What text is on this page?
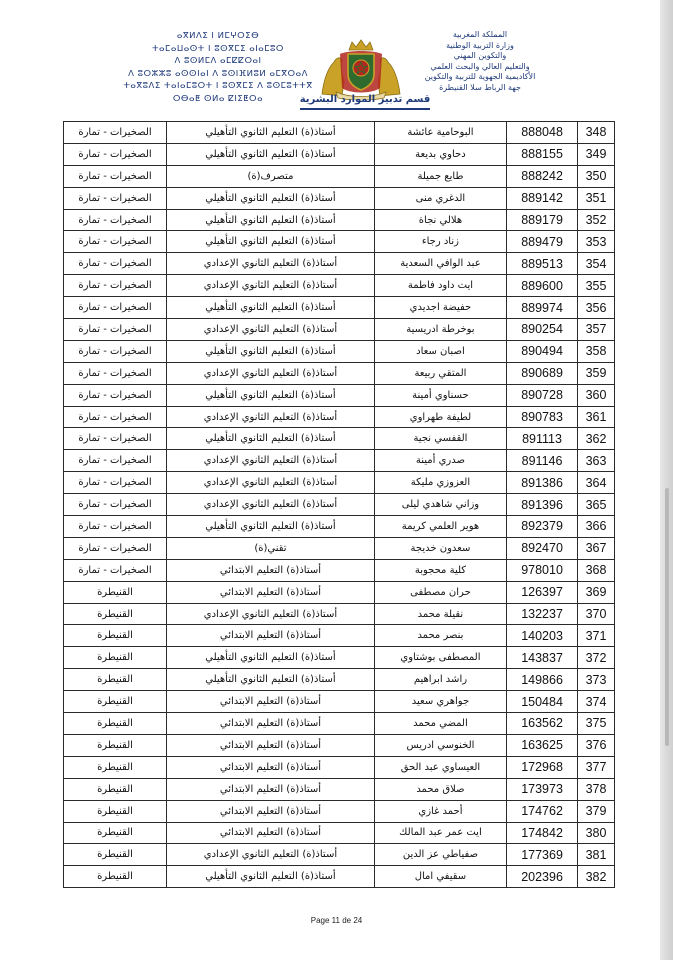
ⴰⴳⵍⴷⵉ ⵏ ⵍⵎⵖⵔⵉⴱ
ⵜⴰⵎⴰⵡⴰⵙⵜ ⵏ ⵓⵙⴳⵎⵉ ⴰⵏⴰⵎⵓⵔ
ⴷ ⵓⵙⵍⵎⴷ ⴰⵎⵇⵇⵔⴰⵏ
ⴷ ⵓⵔⵣⵣⵓ ⴰⵙⵙⵏⴰⵏ ⴷ ⵓⵙⵏⴼⵍⵓⵍ ⴰⵎⴳⵔⴰⴷ
ⵜⴰⴳⵓⴷⵉ ⵜⴰⵏⴰⵎⵓⵔⵜ ⵏ ⵓⵙⴳⵎⵉ ⴷ ⵓⵙⵎⵓⵜⵜⴳ
ⵔⴱⴰⵟ ⵙⵍⴰ ⵇⵏⵉⵟⵔⴰ
المملكة المغربية
وزارة التربية الوطنية
والتكوين المهني
والتعليم العالي والبحث العلمي
الأكاديمية الجهوية للتربية والتكوين
جهة الرباط سلا القنيطرة
قسم تدبير الموارد البشرية
348	888048	البوحامية عائشة	أستاذ(ة) التعليم الثانوي التأهيلي	الصخيرات - تمارة
349	888155	دحاوي بديعة	أستاذ(ة) التعليم الثانوي التأهيلي	الصخيرات - تمارة
350	888242	طايع جميلة	متصرف(ة)	الصخيرات - تمارة
351	889142	الدغري منى	أستاذ(ة) التعليم الثانوي التأهيلي	الصخيرات - تمارة
352	889179	هلالي نجاة	أستاذ(ة) التعليم الثانوي التأهيلي	الصخيرات - تمارة
353	889479	زناد رجاء	أستاذ(ة) التعليم الثانوي التأهيلي	الصخيرات - تمارة
354	889513	عبد الوافي السعدية	أستاذ(ة) التعليم الثانوي الإعدادي	الصخيرات - تمارة
355	889600	ايت داود فاطمة	أستاذ(ة) التعليم الثانوي الإعدادي	الصخيرات - تمارة
356	889974	حفيضة اجديدي	أستاذ(ة) التعليم الثانوي التأهيلي	الصخيرات - تمارة
357	890254	بوخرطة ادريسية	أستاذ(ة) التعليم الثانوي الإعدادي	الصخيرات - تمارة
358	890494	اصبان سعاد	أستاذ(ة) التعليم الثانوي التأهيلي	الصخيرات - تمارة
359	890689	المتقي ربيعة	أستاذ(ة) التعليم الثانوي الإعدادي	الصخيرات - تمارة
360	890728	حسناوي أمينة	أستاذ(ة) التعليم الثانوي التأهيلي	الصخيرات - تمارة
361	890783	لطيفة طهراوي	أستاذ(ة) التعليم الثانوي الإعدادي	الصخيرات - تمارة
362	891113	القفسي نجية	أستاذ(ة) التعليم الثانوي التأهيلي	الصخيرات - تمارة
363	891146	صدري أمينة	أستاذ(ة) التعليم الثانوي الإعدادي	الصخيرات - تمارة
364	891386	العزوزي مليكة	أستاذ(ة) التعليم الثانوي الإعدادي	الصخيرات - تمارة
365	891396	وزاني شاهدي ليلى	أستاذ(ة) التعليم الثانوي الإعدادي	الصخيرات - تمارة
366	892379	هوير العلمي كريمة	أستاذ(ة) التعليم الثانوي التأهيلي	الصخيرات - تمارة
367	892470	سعدون خديجة	تقني(ة)	الصخيرات - تمارة
368	978010	كلية محجوبة	أستاذ(ة) التعليم الابتدائي	الصخيرات - تمارة
369	126397	حران مصطفى	أستاذ(ة) التعليم الابتدائي	القنيطرة
370	132237	نقيلة محمد	أستاذ(ة) التعليم الثانوي الإعدادي	القنيطرة
371	140203	بنصر محمد	أستاذ(ة) التعليم الابتدائي	القنيطرة
372	143837	المصطفى بوشتاوي	أستاذ(ة) التعليم الثانوي التأهيلي	القنيطرة
373	149866	راشد ابراهيم	أستاذ(ة) التعليم الثانوي التأهيلي	القنيطرة
374	150484	جواهري سعيد	أستاذ(ة) التعليم الابتدائي	القنيطرة
375	163562	المضي محمد	أستاذ(ة) التعليم الابتدائي	القنيطرة
376	163625	الخنوسي ادريس	أستاذ(ة) التعليم الابتدائي	القنيطرة
377	172968	العيساوي عبد الحق	أستاذ(ة) التعليم الابتدائي	القنيطرة
378	173973	صلاق محمد	أستاذ(ة) التعليم الابتدائي	القنيطرة
379	174762	أحمد غازي	أستاذ(ة) التعليم الابتدائي	القنيطرة
380	174842	ايت عمر عبد المالك	أستاذ(ة) التعليم الابتدائي	القنيطرة
381	177369	صفياطي عز الدين	أستاذ(ة) التعليم الثانوي الإعدادي	القنيطرة
382	202396	سقيفي امال	أستاذ(ة) التعليم الثانوي التأهيلي	القنيطرة
Page 11 de 24
